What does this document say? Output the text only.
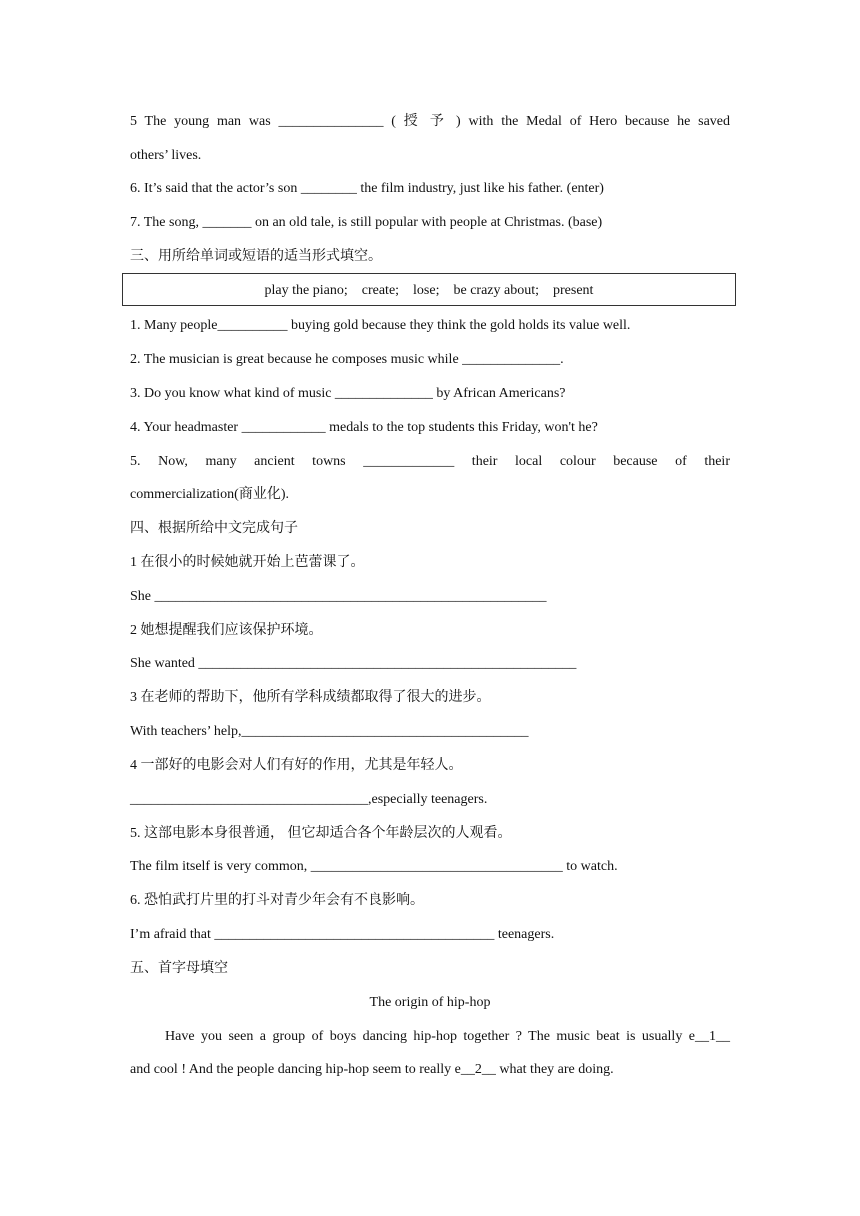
5 The young man was _______________ ( 授 予 ) with the Medal of Hero because he saved
others’ lives.
6. It’s said that the actor’s son ________ the film industry, just like his father. (enter)
7. The song, _______ on an old tale, is still popular with people at Christmas. (base)
三、用所给单词或短语的适当形式填空。
play the piano;    create;    lose;    be crazy about;    present
1. Many people__________ buying gold because they think the gold holds its value well.
2. The musician is great because he composes music while ______________.
3. Do you know what kind of music ______________ by African Americans?
4. Your headmaster ____________ medals to the top students this Friday, won't he?
5. Now, many ancient towns _____________ their local colour because of their
commercialization(商业化).
四、根据所给中文完成句子
1 在很小的时候她就开始上芭蕾课了。
She ________________________________________________________
2 她想提醒我们应该保护环境。
She wanted ______________________________________________________
3 在老师的帮助下，他所有学科成绩都取得了很大的进步。
With teachers’ help,_________________________________________
4 一部好的电影会对人们有好的作用，尤其是年轻人。
__________________________________,especially teenagers.
5. 这部电影本身很普通， 但它却适合各个年龄层次的人观看。
The film itself is very common, ____________________________________ to watch.
6. 恐怕武打片里的打斗对青少年会有不良影响。
I’m afraid that ________________________________________ teenagers.
五、首字母填空
The origin of hip-hop
Have you seen a group of boys dancing hip-hop together ? The music beat is usually e__1__
and cool ! And the people dancing hip-hop seem to really e__2__ what they are doing.
